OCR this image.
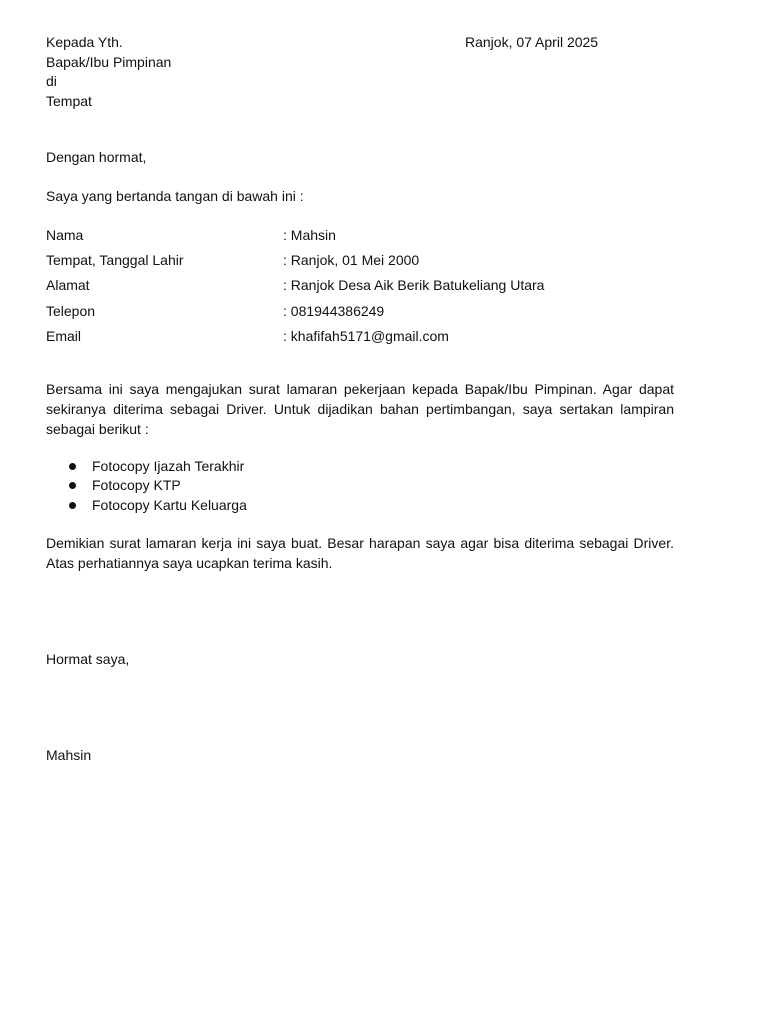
Kepada Yth.
Bapak/Ibu Pimpinan
di
Tempat
Ranjok, 07 April 2025
Dengan hormat,
Saya yang bertanda tangan di bawah ini :
Nama	: Mahsin
Tempat, Tanggal Lahir	: Ranjok, 01 Mei 2000
Alamat	: Ranjok Desa Aik Berik Batukeliang Utara
Telepon	: 081944386249
Email	: khafifah5171@gmail.com
Bersama ini saya mengajukan surat lamaran pekerjaan kepada Bapak/Ibu Pimpinan. Agar dapat sekiranya diterima sebagai Driver. Untuk dijadikan bahan pertimbangan, saya sertakan lampiran sebagai berikut :
Fotocopy Ijazah Terakhir
Fotocopy KTP
Fotocopy Kartu Keluarga
Demikian surat lamaran kerja ini saya buat. Besar harapan saya agar bisa diterima sebagai Driver. Atas perhatiannya saya ucapkan terima kasih.
Hormat saya,
Mahsin
